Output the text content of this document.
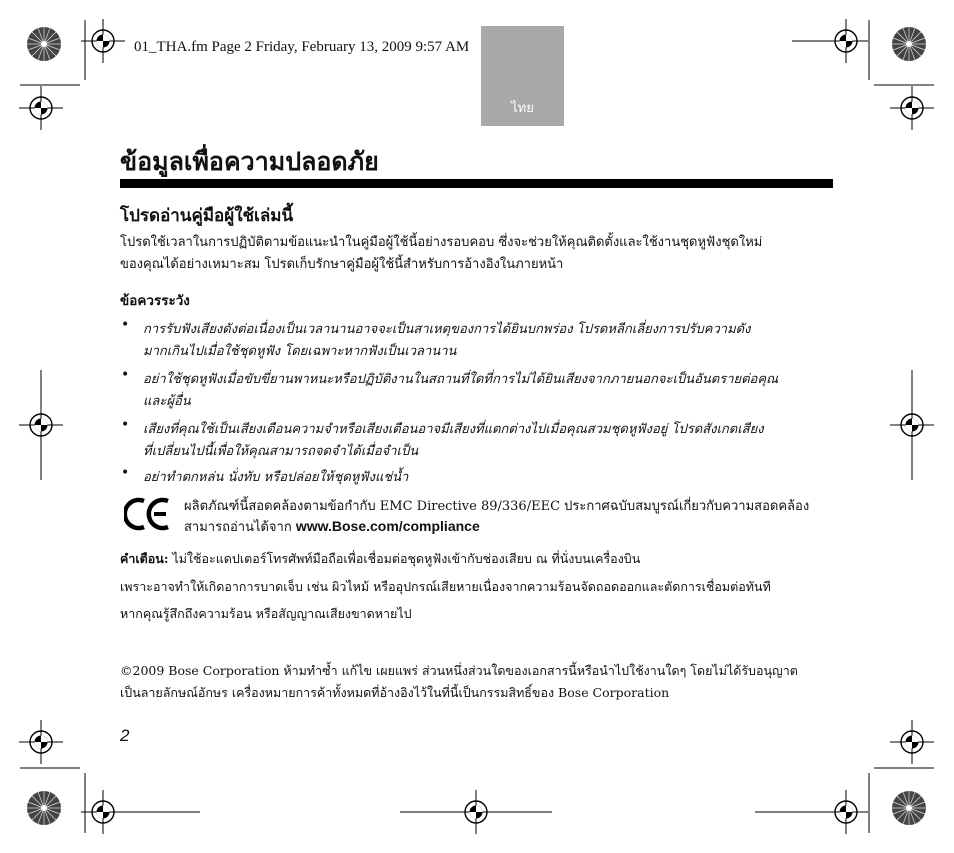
01_THA.fm Page 2 Friday, February 13, 2009 9:57 AM
ไทย
ข้อมูลเพื่อความปลอดภัย
โปรดอ่านคู่มือผู้ใช้เล่มนี้
โปรดใช้เวลาในการปฏิบัติตามข้อแนะนำในคู่มือผู้ใช้นี้อย่างรอบคอบ ซึ่งจะช่วยให้คุณติดตั้งและใช้งานชุดหูฟังชุดใหม่
ของคุณได้อย่างเหมาะสม โปรดเก็บรักษาคู่มือผู้ใช้นี้สำหรับการอ้างอิงในภายหน้า
ข้อควรระวัง
• การรับฟังเสียงดังต่อเนื่องเป็นเวลานานอาจจะเป็นสาเหตุของการได้ยินบกพร่อง โปรดหลีกเลี่ยงการปรับความดัง
มากเกินไปเมื่อใช้ชุดหูฟัง โดยเฉพาะหากฟังเป็นเวลานาน
• อย่าใช้ชุดหูฟังเมื่อขับขี่ยานพาหนะหรือปฏิบัติงานในสถานที่ใดที่การไม่ได้ยินเสียงจากภายนอกจะเป็นอันตรายต่อคุณ
และผู้อื่น
• เสียงที่คุณใช้เป็นเสียงเตือนความจำหรือเสียงเตือนอาจมีเสียงที่แตกต่างไปเมื่อคุณสวมชุดหูฟังอยู่ โปรดสังเกตเสียง
ที่เปลี่ยนไปนี้เพื่อให้คุณสามารถจดจำได้เมื่อจำเป็น
• อย่าทำตกหล่น นั่งทับ หรือปล่อยให้ชุดหูฟังแช่น้ำ
ผลิตภัณฑ์นี้สอดคล้องตามข้อกำกับ EMC Directive 89/336/EEC ประกาศฉบับสมบูรณ์เกี่ยวกับความสอดคล้อง
สามารถอ่านได้จาก www.Bose.com/compliance
คำเตือน: ไม่ใช้อะแดปเตอร์โทรศัพท์มือถือเพื่อเชื่อมต่อชุดหูฟังเข้ากับช่องเสียบ ณ ที่นั่งบนเครื่องบิน
เพราะอาจทำให้เกิดอาการบาดเจ็บ เช่น ผิวไหม้ หรืออุปกรณ์เสียหายเนื่องจากความร้อนจัดถอดออกและตัดการเชื่อมต่อทันที
หากคุณรู้สึกถึงความร้อน หรือสัญญาณเสียงขาดหายไป
©2009 Bose Corporation ห้ามทำซ้ำ แก้ไข เผยแพร่ ส่วนหนึ่งส่วนใดของเอกสารนี้หรือนำไปใช้งานใดๆ โดยไม่ได้รับอนุญาต
เป็นลายลักษณ์อักษร เครื่องหมายการค้าทั้งหมดที่อ้างอิงไว้ในที่นี้เป็นกรรมสิทธิ์ของ Bose Corporation
2
